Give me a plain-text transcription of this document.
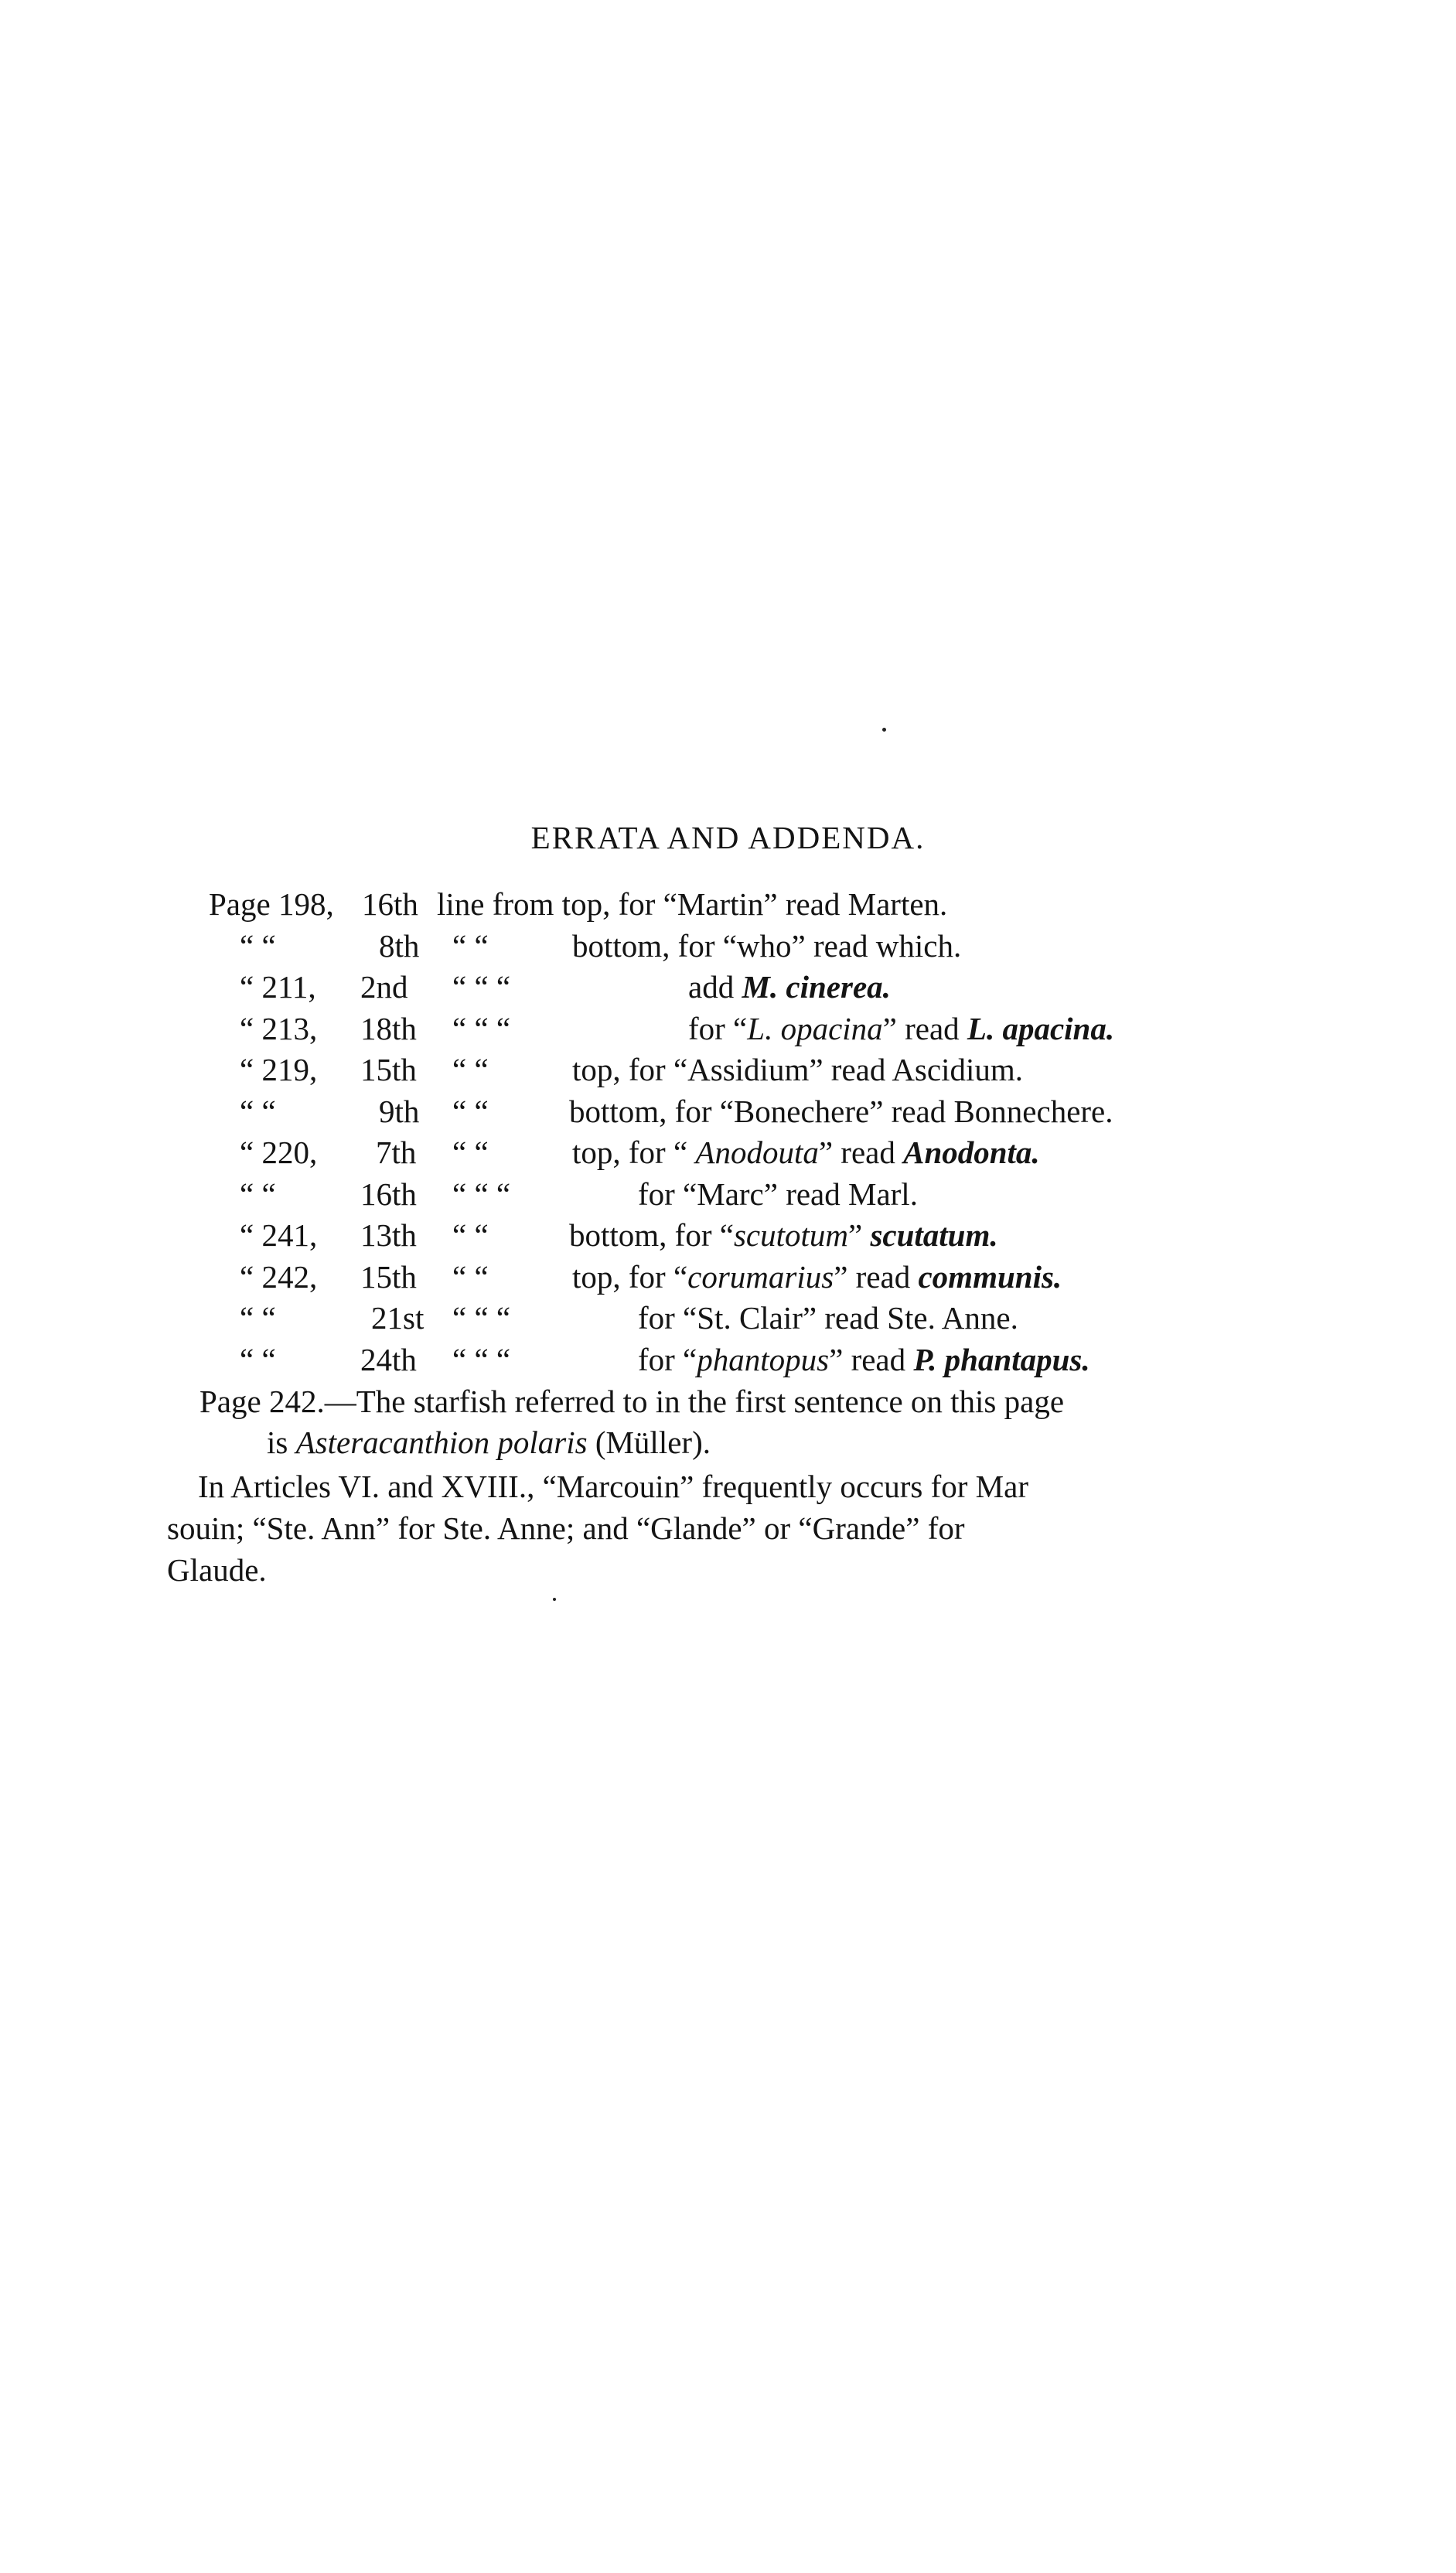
ERRATA AND ADDENDA.
Page 198, 16th line from top, for “Martin” read Marten.
“ “	8th “ “	bottom, for “who” read which.
“ 211, 2nd “ “ “	add M. cinerea.
“ 213, 18th “ “ “	for “L. opacina” read L. apacina.
“ 219, 15th “ “	top, for “Assidium” read Ascidium.
“ “	9th “ “	bottom, for “Bonechere” read Bonnechere.
“ 220, 7th “ “	top, for “ Anodouta” read Anodonta.
“ “	16th “ “ “	for “Marc” read Marl.
“ 241, 13th “ “	bottom, for “scutotum” scutatum.
“ 242, 15th “ “	top, for “corumarius” read communis.
“ “	21st “ “ “	for “St. Clair” read Ste. Anne.
“ “	24th “ “ “	for “phantopus” read P. phantapus.
Page 242.—The starfish referred to in the first sentence on this page
is Asteracanthion polaris (Müller).
In Articles VI. and XVIII., “Marcouin” frequently occurs for Mar
souin; “Ste. Ann” for Ste. Anne; and “Glande” or “Grande” for
Glaude.
